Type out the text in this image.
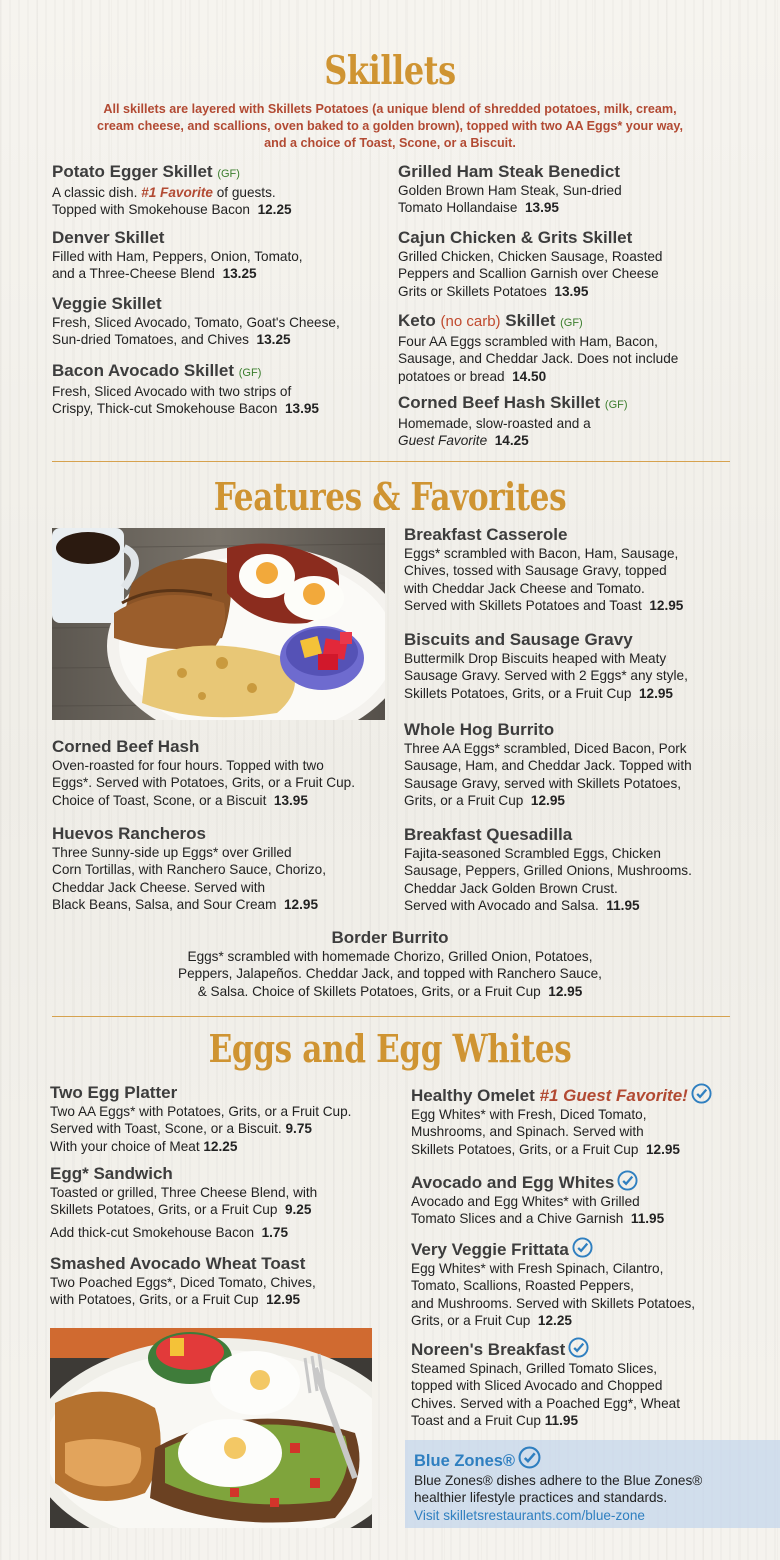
Skillets
All skillets are layered with Skillets Potatoes (a unique blend of shredded potatoes, milk, cream,
cream cheese, and scallions, oven baked to a golden brown), topped with two AA Eggs* your way,
and a choice of Toast, Scone, or a Biscuit.
Potato Egger Skillet (GF)
A classic dish. #1 Favorite of guests.
Topped with Smokehouse Bacon 12.25
Denver Skillet
Filled with Ham, Peppers, Onion, Tomato,
and a Three-Cheese Blend 13.25
Veggie Skillet
Fresh, Sliced Avocado, Tomato, Goat's Cheese,
Sun-dried Tomatoes, and Chives 13.25
Bacon Avocado Skillet (GF)
Fresh, Sliced Avocado with two strips of
Crispy, Thick-cut Smokehouse Bacon 13.95
Grilled Ham Steak Benedict
Golden Brown Ham Steak, Sun-dried
Tomato Hollandaise 13.95
Cajun Chicken & Grits Skillet
Grilled Chicken, Chicken Sausage, Roasted
Peppers and Scallion Garnish over Cheese
Grits or Skillets Potatoes 13.95
Keto (no carb) Skillet (GF)
Four AA Eggs scrambled with Ham, Bacon,
Sausage, and Cheddar Jack. Does not include
potatoes or bread 14.50
Corned Beef Hash Skillet (GF)
Homemade, slow-roasted and a
Guest Favorite 14.25
Features & Favorites
Corned Beef Hash
Oven-roasted for four hours. Topped with two
Eggs*. Served with Potatoes, Grits, or a Fruit Cup.
Choice of Toast, Scone, or a Biscuit 13.95
Huevos Rancheros
Three Sunny-side up Eggs* over Grilled
Corn Tortillas, with Ranchero Sauce, Chorizo,
Cheddar Jack Cheese. Served with
Black Beans, Salsa, and Sour Cream 12.95
Breakfast Casserole
Eggs* scrambled with Bacon, Ham, Sausage,
Chives, tossed with Sausage Gravy, topped
with Cheddar Jack Cheese and Tomato.
Served with Skillets Potatoes and Toast 12.95
Biscuits and Sausage Gravy
Buttermilk Drop Biscuits heaped with Meaty
Sausage Gravy. Served with 2 Eggs* any style,
Skillets Potatoes, Grits, or a Fruit Cup 12.95
Whole Hog Burrito
Three AA Eggs* scrambled, Diced Bacon, Pork
Sausage, Ham, and Cheddar Jack. Topped with
Sausage Gravy, served with Skillets Potatoes,
Grits, or a Fruit Cup 12.95
Breakfast Quesadilla
Fajita-seasoned Scrambled Eggs, Chicken
Sausage, Peppers, Grilled Onions, Mushrooms.
Cheddar Jack Golden Brown Crust.
Served with Avocado and Salsa. 11.95
Border Burrito
Eggs* scrambled with homemade Chorizo, Grilled Onion, Potatoes,
Peppers, Jalapeños. Cheddar Jack, and topped with Ranchero Sauce,
& Salsa. Choice of Skillets Potatoes, Grits, or a Fruit Cup 12.95
Eggs and Egg Whites
Two Egg Platter
Two AA Eggs* with Potatoes, Grits, or a Fruit Cup.
Served with Toast, Scone, or a Biscuit. 9.75
With your choice of Meat 12.25
Egg* Sandwich
Toasted or grilled, Three Cheese Blend, with
Skillets Potatoes, Grits, or a Fruit Cup 9.25
Add thick-cut Smokehouse Bacon 1.75
Smashed Avocado Wheat Toast
Two Poached Eggs*, Diced Tomato, Chives,
with Potatoes, Grits, or a Fruit Cup 12.95
Healthy Omelet #1 Guest Favorite!
Egg Whites* with Fresh, Diced Tomato,
Mushrooms, and Spinach. Served with
Skillets Potatoes, Grits, or a Fruit Cup 12.95
Avocado and Egg Whites
Avocado and Egg Whites* with Grilled
Tomato Slices and a Chive Garnish 11.95
Very Veggie Frittata
Egg Whites* with Fresh Spinach, Cilantro,
Tomato, Scallions, Roasted Peppers,
and Mushrooms. Served with Skillets Potatoes,
Grits, or a Fruit Cup 12.25
Noreen's Breakfast
Steamed Spinach, Grilled Tomato Slices,
topped with Sliced Avocado and Chopped
Chives. Served with a Poached Egg*, Wheat
Toast and a Fruit Cup 11.95
Blue Zones®
Blue Zones® dishes adhere to the Blue Zones®
healthier lifestyle practices and standards.
Visit skilletsrestaurants.com/blue-zone
